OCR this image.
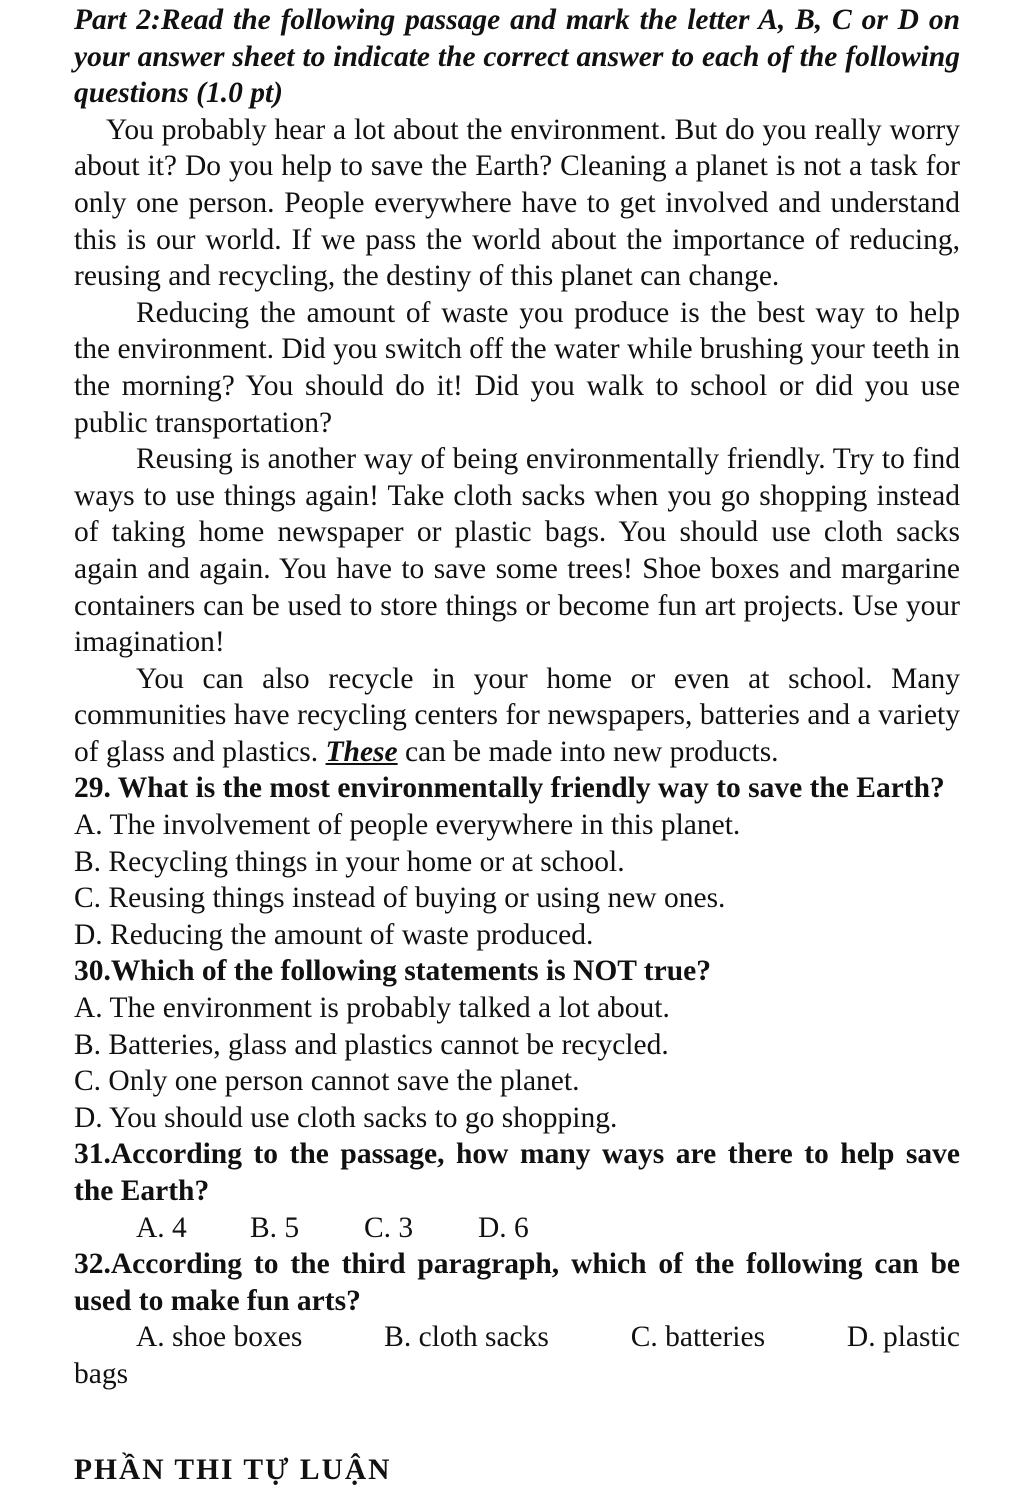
Part 2:Read the following passage and mark the letter A, B, C or D on your answer sheet to indicate the correct answer to each of the following questions (1.0 pt)

You probably hear a lot about the environment. But do you really worry about it? Do you help to save the Earth? Cleaning a planet is not a task for only one person. People everywhere have to get involved and understand this is our world. If we pass the world about the importance of reducing, reusing and recycling, the destiny of this planet can change.

Reducing the amount of waste you produce is the best way to help the environment. Did you switch off the water while brushing your teeth in the morning? You should do it! Did you walk to school or did you use public transportation?

Reusing is another way of being environmentally friendly. Try to find ways to use things again! Take cloth sacks when you go shopping instead of taking home newspaper or plastic bags. You should use cloth sacks again and again. You have to save some trees! Shoe boxes and margarine containers can be used to store things or become fun art projects. Use your imagination!

You can also recycle in your home or even at school. Many communities have recycling centers for newspapers, batteries and a variety of glass and plastics. These can be made into new products.

29. What is the most environmentally friendly way to save the Earth?

A. The involvement of people everywhere in this planet.

B. Recycling things in your home or at school.

C. Reusing things instead of buying or using new ones.

D. Reducing the amount of waste produced.

30.Which of the following statements is NOT true?

A. The environment is probably talked a lot about.

B. Batteries, glass and plastics cannot be recycled.

C. Only one person cannot save the planet.

D. You should use cloth sacks to go shopping.

31.According to the passage, how many ways are there to help save the Earth?

A. 4	B. 5	C. 3	D. 6

32.According to the third paragraph, which of the following can be used to make fun arts?

A. shoe boxes	B. cloth sacks	C. batteries	D. plastic

bags

PHẦN THI TỰ LUẬN
